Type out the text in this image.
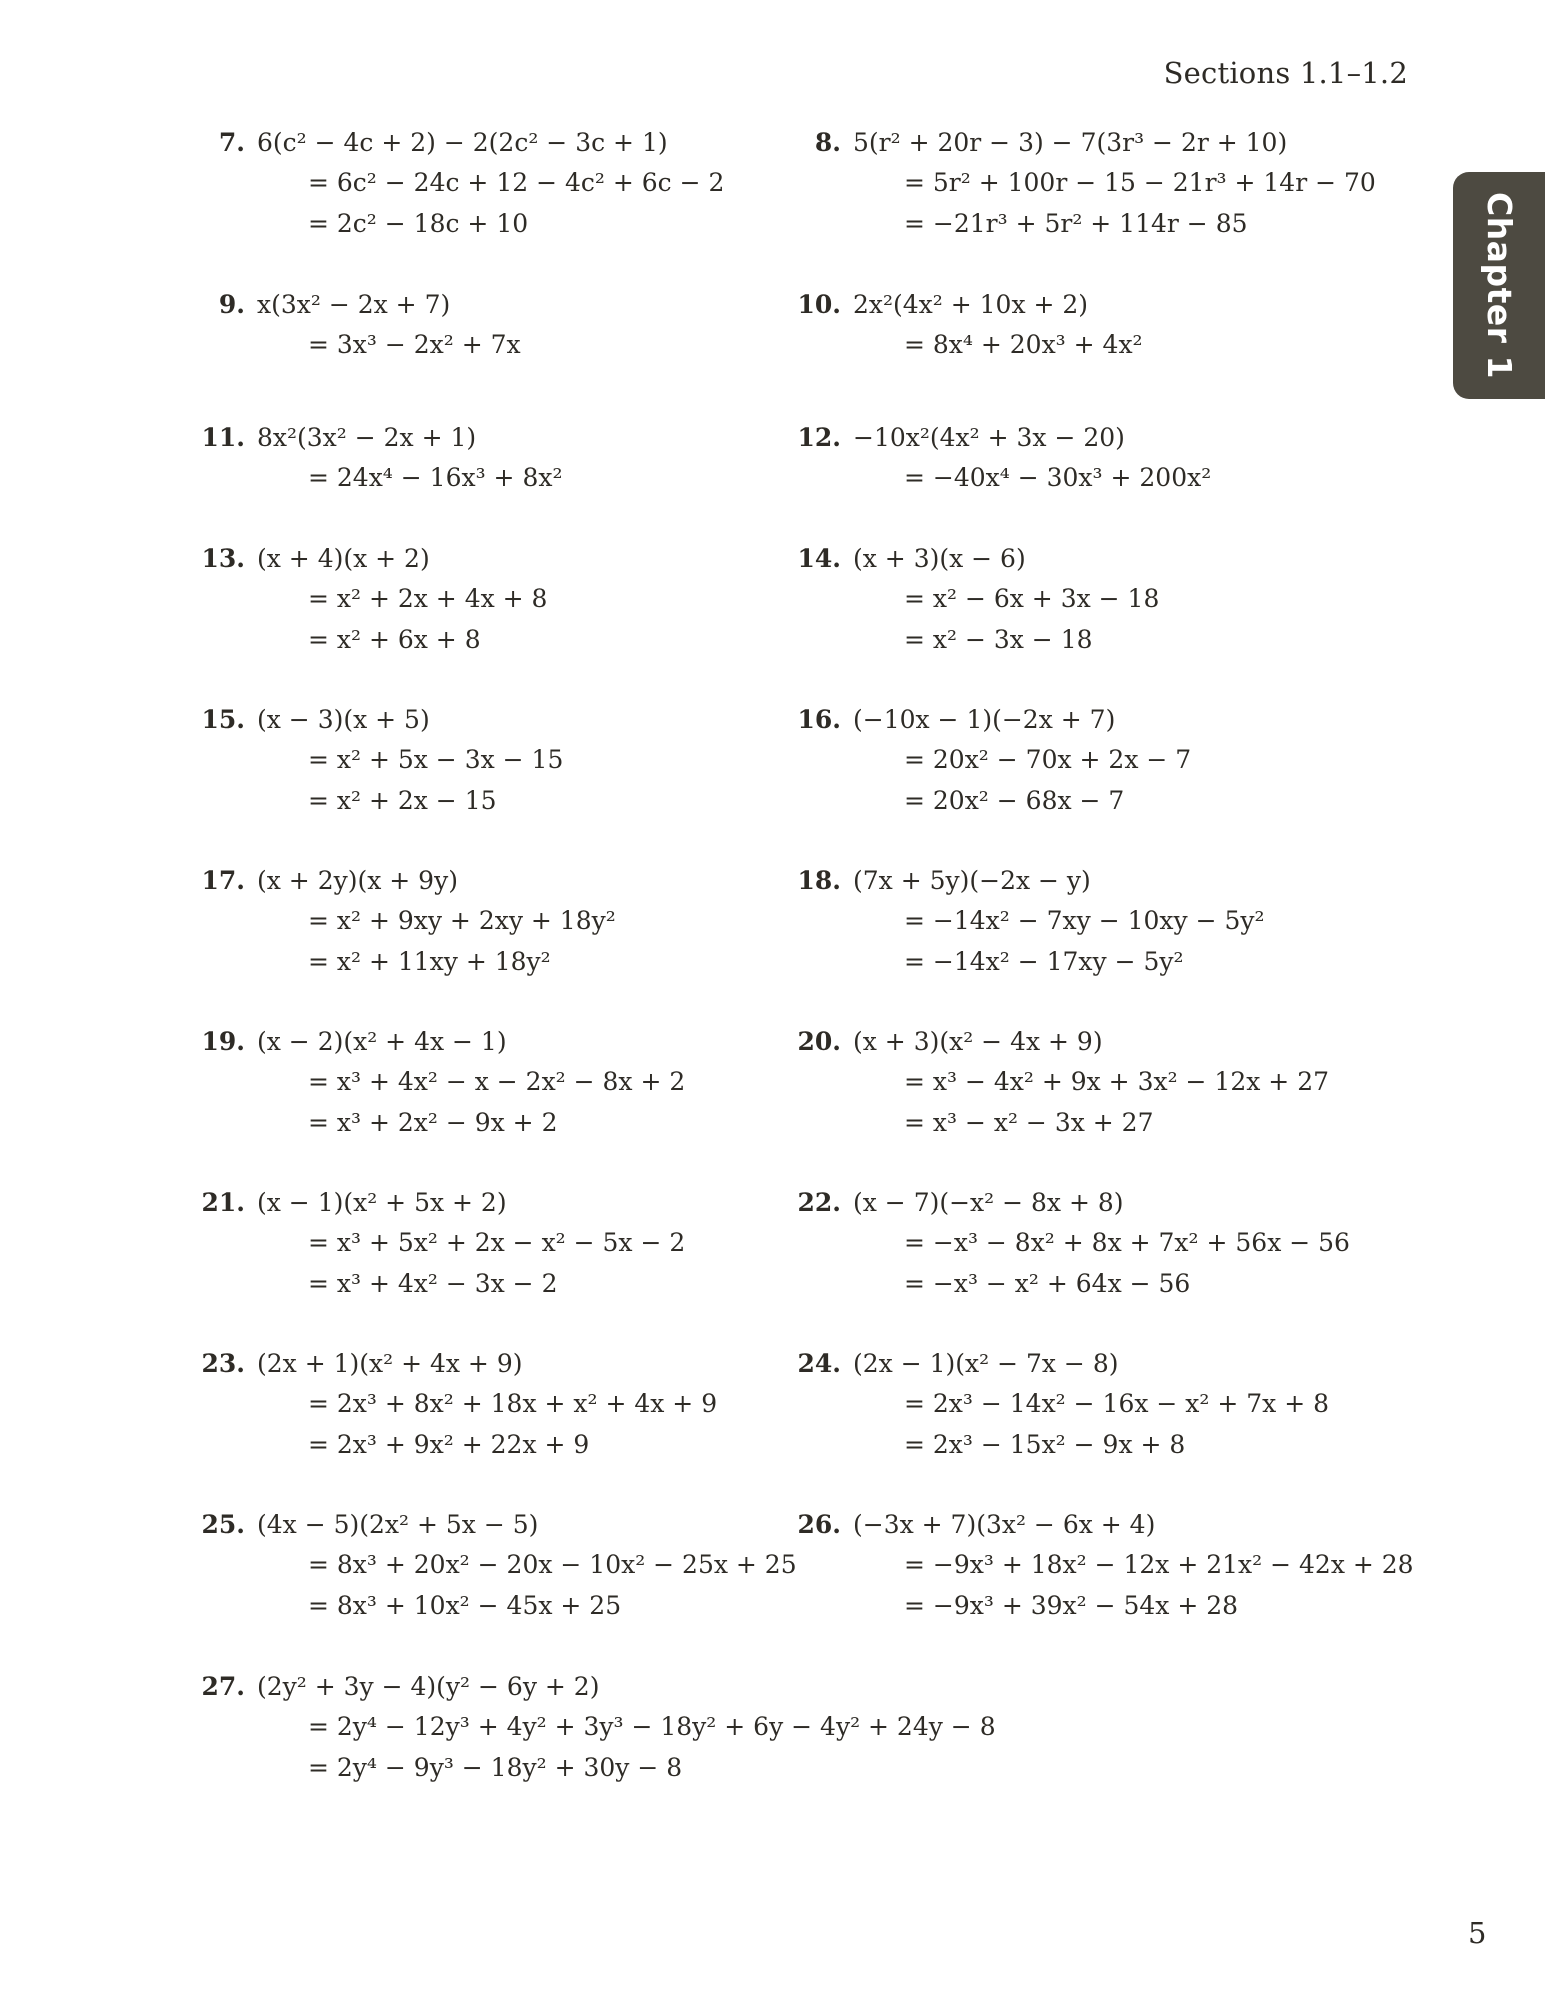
Sections 1.1–1.2
Chapter 1
7. 6(c² − 4c + 2) − 2(2c² − 3c + 1)
= 6c² − 24c + 12 − 4c² + 6c − 2
= 2c² − 18c + 10
8. 5(r² + 20r − 3) − 7(3r³ − 2r + 10)
= 5r² + 100r − 15 − 21r³ + 14r − 70
= −21r³ + 5r² + 114r − 85
9. x(3x² − 2x + 7)
= 3x³ − 2x² + 7x
10. 2x²(4x² + 10x + 2)
= 8x⁴ + 20x³ + 4x²
11. 8x²(3x² − 2x + 1)
= 24x⁴ − 16x³ + 8x²
12. −10x²(4x² + 3x − 20)
= −40x⁴ − 30x³ + 200x²
13. (x + 4)(x + 2)
= x² + 2x + 4x + 8
= x² + 6x + 8
14. (x + 3)(x − 6)
= x² − 6x + 3x − 18
= x² − 3x − 18
15. (x − 3)(x + 5)
= x² + 5x − 3x − 15
= x² + 2x − 15
16. (−10x − 1)(−2x + 7)
= 20x² − 70x + 2x − 7
= 20x² − 68x − 7
17. (x + 2y)(x + 9y)
= x² + 9xy + 2xy + 18y²
= x² + 11xy + 18y²
18. (7x + 5y)(−2x − y)
= −14x² − 7xy − 10xy − 5y²
= −14x² − 17xy − 5y²
19. (x − 2)(x² + 4x − 1)
= x³ + 4x² − x − 2x² − 8x + 2
= x³ + 2x² − 9x + 2
20. (x + 3)(x² − 4x + 9)
= x³ − 4x² + 9x + 3x² − 12x + 27
= x³ − x² − 3x + 27
21. (x − 1)(x² + 5x + 2)
= x³ + 5x² + 2x − x² − 5x − 2
= x³ + 4x² − 3x − 2
22. (x − 7)(−x² − 8x + 8)
= −x³ − 8x² + 8x + 7x² + 56x − 56
= −x³ − x² + 64x − 56
23. (2x + 1)(x² + 4x + 9)
= 2x³ + 8x² + 18x + x² + 4x + 9
= 2x³ + 9x² + 22x + 9
24. (2x − 1)(x² − 7x − 8)
= 2x³ − 14x² − 16x − x² + 7x + 8
= 2x³ − 15x² − 9x + 8
25. (4x − 5)(2x² + 5x − 5)
= 8x³ + 20x² − 20x − 10x² − 25x + 25
= 8x³ + 10x² − 45x + 25
26. (−3x + 7)(3x² − 6x + 4)
= −9x³ + 18x² − 12x + 21x² − 42x + 28
= −9x³ + 39x² − 54x + 28
27. (2y² + 3y − 4)(y² − 6y + 2)
= 2y⁴ − 12y³ + 4y² + 3y³ − 18y² + 6y − 4y² + 24y − 8
= 2y⁴ − 9y³ − 18y² + 30y − 8
5
